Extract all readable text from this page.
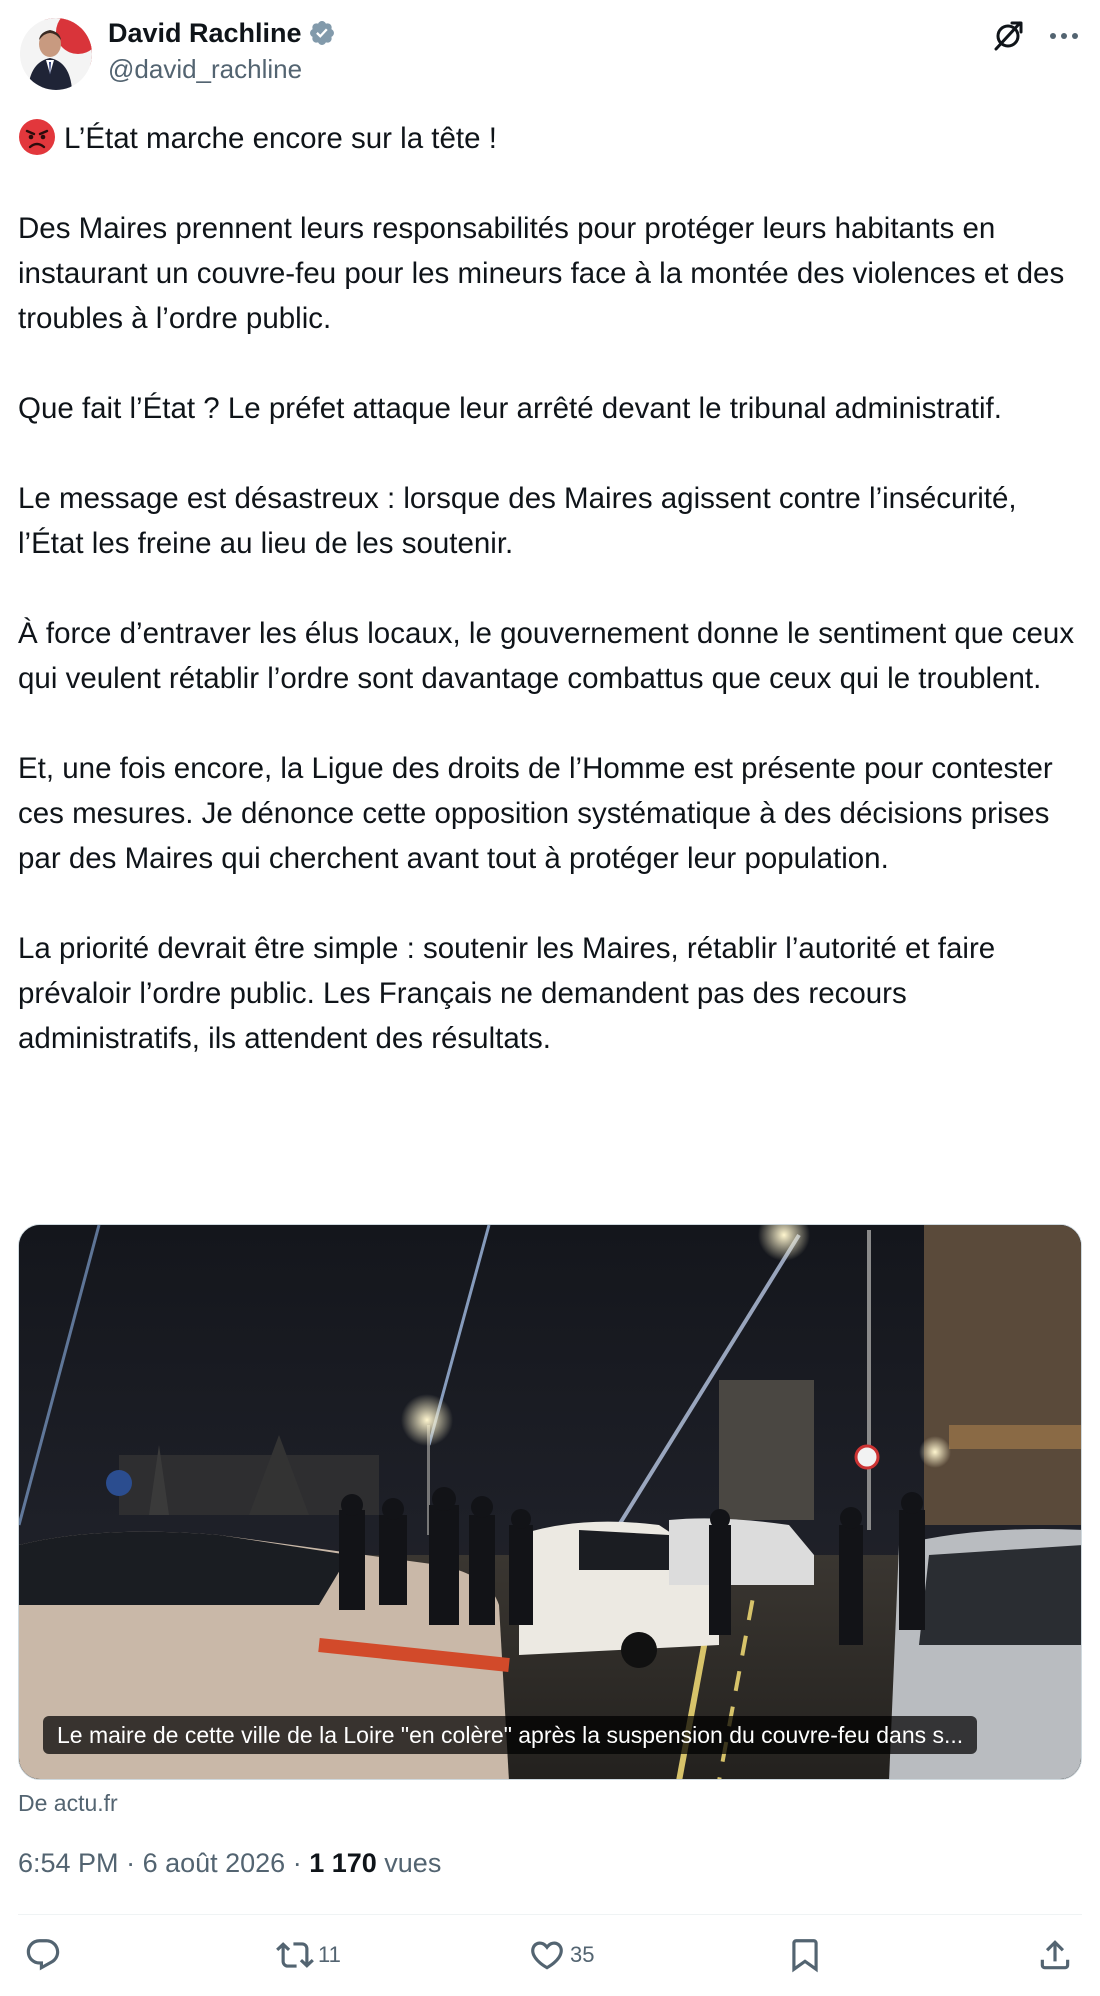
David Rachline
@david_rachline

L’État marche encore sur la tête !

Des Maires prennent leurs responsabilités pour protéger leurs habitants en instaurant un couvre-feu pour les mineurs face à la montée des violences et des troubles à l’ordre public.

Que fait l’État ? Le préfet attaque leur arrêté devant le tribunal administratif.

Le message est désastreux : lorsque des Maires agissent contre l’insécurité, l’État les freine au lieu de les soutenir.

À force d’entraver les élus locaux, le gouvernement donne le sentiment que ceux qui veulent rétablir l’ordre sont davantage combattus que ceux qui le troublent.

Et, une fois encore, la Ligue des droits de l’Homme est présente pour contester ces mesures. Je dénonce cette opposition systématique à des décisions prises par des Maires qui cherchent avant tout à protéger leur population.

La priorité devrait être simple : soutenir les Maires, rétablir l’autorité et faire prévaloir l’ordre public. Les Français ne demandent pas des recours administratifs, ils attendent des résultats.

Le maire de cette ville de la Loire "en colère" après la suspension du couvre-feu dans s...
De actu.fr
6:54 PM · 6 août 2026 · 1 170 vues
11	35
